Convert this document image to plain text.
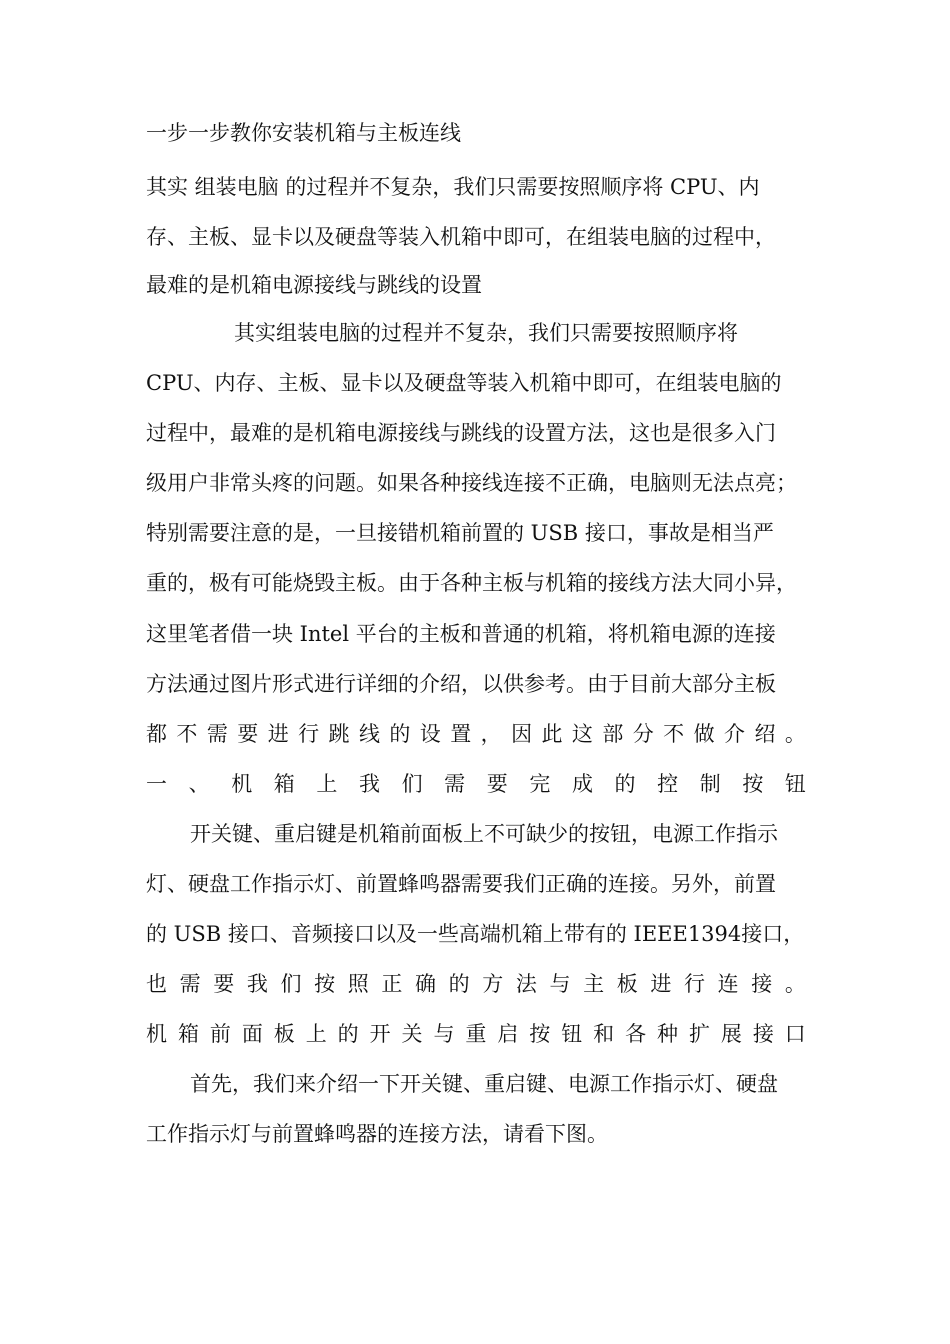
一步一步教你安装机箱与主板连线
其实 组装电脑 的过程并不复杂，我们只需要按照顺序将 CPU、内
存、主板、显卡以及硬盘等装入机箱中即可，在组装电脑的过程中，
最难的是机箱电源接线与跳线的设置
其实组装电脑的过程并不复杂，我们只需要按照顺序将
CPU、内存、主板、显卡以及硬盘等装入机箱中即可，在组装电脑的
过程中，最难的是机箱电源接线与跳线的设置方法，这也是很多入门
级用户非常头疼的问题。如果各种接线连接不正确，电脑则无法点亮；
特别需要注意的是，一旦接错机箱前置的 USB 接口，事故是相当严
重的，极有可能烧毁主板。由于各种主板与机箱的接线方法大同小异，
这里笔者借一块 Intel 平台的主板和普通的机箱，将机箱电源的连接
方法通过图片形式进行详细的介绍，以供参考。由于目前大部分主板
都 不 需 要 进 行 跳 线 的 设 置 ， 因 此 这 部 分 不 做 介 绍 。
一 、 机 箱 上 我 们 需 要 完 成 的 控 制 按 钮
开关键、重启键是机箱前面板上不可缺少的按钮，电源工作指示
灯、硬盘工作指示灯、前置蜂鸣器需要我们正确的连接。另外，前置
的 USB 接口、音频接口以及一些高端机箱上带有的 IEEE1394接口，
也 需 要 我 们 按 照 正 确 的 方 法 与 主 板 进 行 连 接 。
机 箱 前 面 板 上 的 开 关 与 重 启 按 钮 和 各 种 扩 展 接 口
首先，我们来介绍一下开关键、重启键、电源工作指示灯、硬盘
工作指示灯与前置蜂鸣器的连接方法，请看下图。
